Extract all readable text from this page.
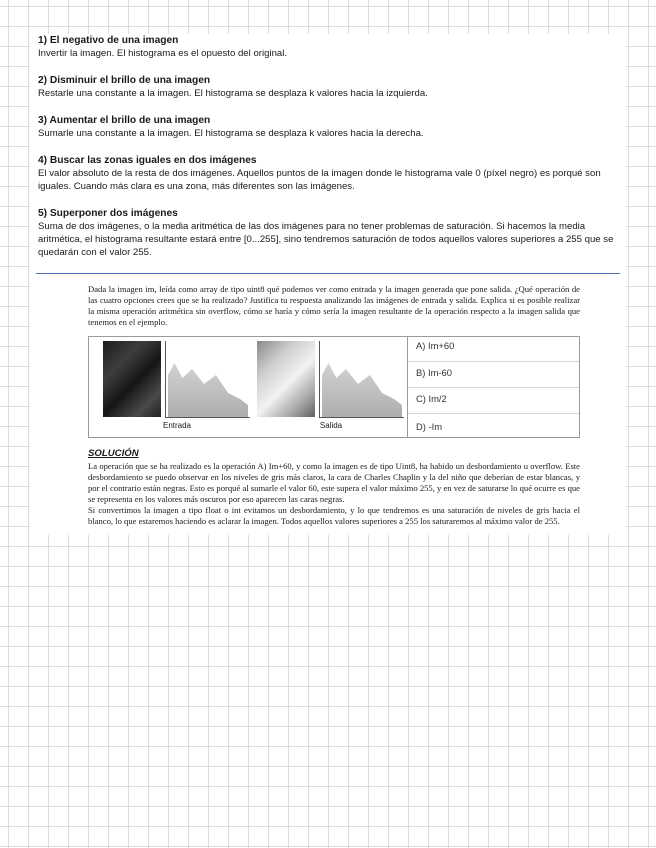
1) El negativo de una imagen

Invertir la imagen. El histograma es el opuesto del original.

2) Disminuir el brillo de una imagen

Restarle una constante a la imagen. El histograma se desplaza k valores hacia la izquierda.

3) Aumentar el brillo de una imagen

Sumarle una constante a la imagen. El histograma se desplaza k valores hacia la derecha.

4) Buscar las zonas iguales en dos imágenes

El valor absoluto de la resta de dos imágenes. Aquellos puntos de la imagen donde le histograma vale 0 (píxel negro) es porqué son iguales. Cuando más clara es una zona, más diferentes son las imágenes.

5) Superponer dos imágenes

Suma de dos imágenes, o la media aritmética de las dos imágenes para no tener problemas de saturación. Si hacemos la media aritmética, el histograma resultante estará entre [0...255], sino tendremos saturación de todos aquellos valores superiores a 255 que se quedarán con el valor 255.

Dada la imagen im, leída como array de tipo uint8 qué podemos ver como entrada y la imagen generada que pone salida. ¿Qué operación de las cuatro opciones crees que se ha realizado? Justifica tu respuesta analizando las imágenes de entrada y salida. Explica si es posible realizar la misma operación aritmética sin overflow, cómo se haría y cómo sería la imagen resultante de la operación respecto a la imagen salida que tenemos en el ejemplo.

Entrada	Salida
A) Im+60
B) Im-60
C) Im/2
D) -Im
SOLUCIÓN

La operación que se ha realizado es la operación A) Im+60, y como la imagen es de tipo Uint8, ha habido un desbordamiento u overflow. Este desbordamiento se puedo observar en los niveles de gris más claros, la cara de Charles Chaplin y la del niño que deberían de estar blancas, y por el contrario están negras. Esto es porqué al sumarle el valor 60, este supera el valor máximo 255, y en vez de saturarse lo qué ocurre es que se representa en los valores más oscuros por eso aparecen las caras negras.

Si convertimos la imagen a tipo float o int evitamos un desbordamiento, y lo que tendremos es una saturación de niveles de gris hacia el blanco, lo que estaremos haciendo es aclarar la imagen. Todos aquellos valores superiores a 255 los saturaremos al máximo valor de 255.
